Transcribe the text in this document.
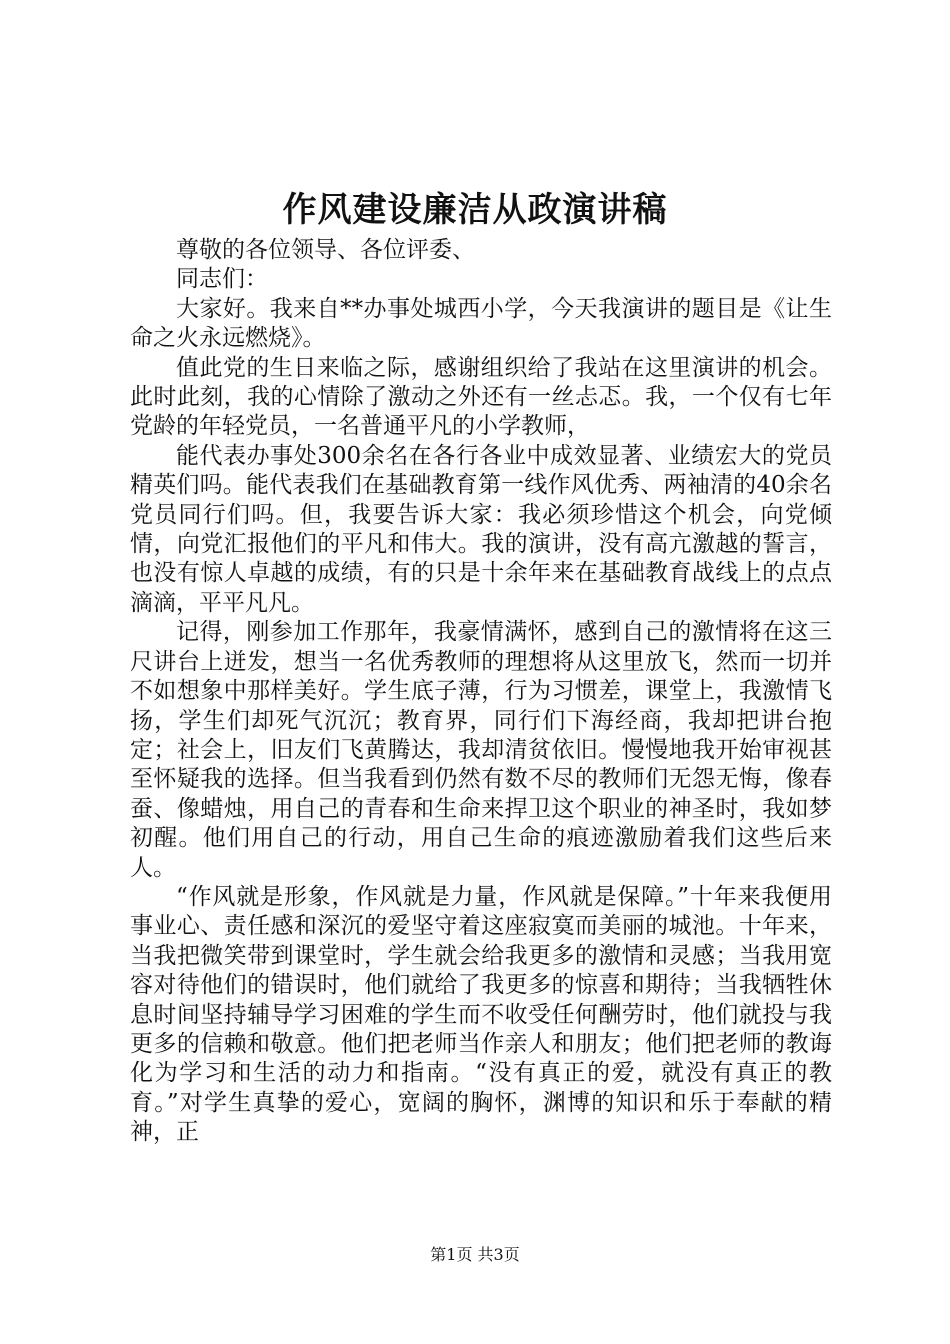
作风建设廉洁从政演讲稿

尊敬的各位领导、各位评委、

同志们：

大家好。我来自**办事处城西小学，今天我演讲的题目是《让生命之火永远燃烧》。

值此党的生日来临之际，感谢组织给了我站在这里演讲的机会。此时此刻，我的心情除了激动之外还有一丝忐忑。我，一个仅有七年党龄的年轻党员，一名普通平凡的小学教师，

能代表办事处300余名在各行各业中成效显著、业绩宏大的党员精英们吗。能代表我们在基础教育第一线作风优秀、两袖清的40余名党员同行们吗。但，我要告诉大家：我必须珍惜这个机会，向党倾情，向党汇报他们的平凡和伟大。我的演讲，没有高亢激越的誓言，也没有惊人卓越的成绩，有的只是十余年来在基础教育战线上的点点滴滴，平平凡凡。

记得，刚参加工作那年，我豪情满怀，感到自己的激情将在这三尺讲台上迸发，想当一名优秀教师的理想将从这里放飞，然而一切并不如想象中那样美好。学生底子薄，行为习惯差，课堂上，我激情飞扬，学生们却死气沉沉；教育界，同行们下海经商，我却把讲台抱定；社会上，旧友们飞黄腾达，我却清贫依旧。慢慢地我开始审视甚至怀疑我的选择。但当我看到仍然有数不尽的教师们无怨无悔，像春蚕、像蜡烛，用自己的青春和生命来捍卫这个职业的神圣时，我如梦初醒。他们用自己的行动，用自己生命的痕迹激励着我们这些后来人。

“作风就是形象，作风就是力量，作风就是保障。”十年来我便用事业心、责任感和深沉的爱坚守着这座寂寞而美丽的城池。十年来，当我把微笑带到课堂时，学生就会给我更多的激情和灵感；当我用宽容对待他们的错误时，他们就给了我更多的惊喜和期待；当我牺牲休息时间坚持辅导学习困难的学生而不收受任何酬劳时，他们就投与我更多的信赖和敬意。他们把老师当作亲人和朋友；他们把老师的教诲化为学习和生活的动力和指南。“没有真正的爱，就没有真正的教育。”对学生真挚的爱心，宽阔的胸怀，渊博的知识和乐于奉献的精神，正

第1页 共3页
